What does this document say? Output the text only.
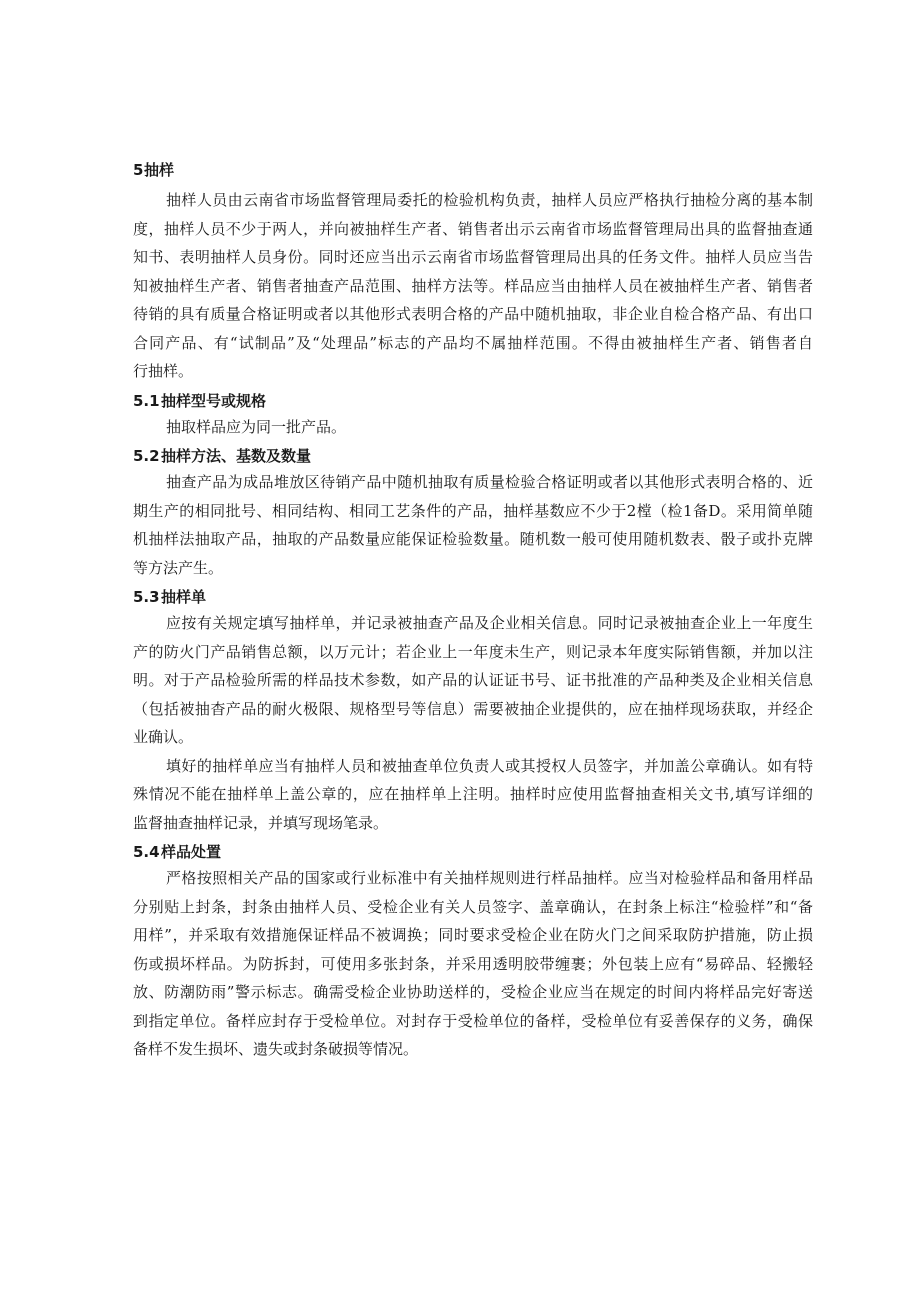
5抽样
抽样人员由云南省市场监督管理局委托的检验机构负责，抽样人员应严格执行抽检分离的基本制
度，抽样人员不少于两人，并向被抽样生产者、销售者出示云南省市场监督管理局出具的监督抽查通
知书、表明抽样人员身份。同时还应当出示云南省市场监督管理局出具的任务文件。抽样人员应当告
知被抽样生产者、销售者抽查产品范围、抽样方法等。样品应当由抽样人员在被抽样生产者、销售者
待销的具有质量合格证明或者以其他形式表明合格的产品中随机抽取，非企业自检合格产品、有出口
合同产品、有“试制品”及“处理品”标志的产品均不属抽样范围。不得由被抽样生产者、销售者自
行抽样。
5.1抽样型号或规格
抽取样品应为同一批产品。
5.2抽样方法、基数及数量
抽查产品为成品堆放区待销产品中随机抽取有质量检验合格证明或者以其他形式表明合格的、近
期生产的相同批号、相同结构、相同工艺条件的产品，抽样基数应不少于2樘（检1备D。采用简单随
机抽样法抽取产品，抽取的产品数量应能保证检验数量。随机数一般可使用随机数表、骰子或扑克牌
等方法产生。
5.3抽样单
应按有关规定填写抽样单，并记录被抽查产品及企业相关信息。同时记录被抽查企业上一年度生
产的防火门产品销售总额，以万元计；若企业上一年度未生产，则记录本年度实际销售额，并加以注
明。对于产品检验所需的样品技术参数，如产品的认证证书号、证书批准的产品种类及企业相关信息
（包括被抽杳产品的耐火极限、规格型号等信息）需要被抽企业提供的，应在抽样现场获取，并经企
业确认。
填好的抽样单应当有抽样人员和被抽查单位负责人或其授权人员签字，并加盖公章确认。如有特
殊情况不能在抽样单上盖公章的，应在抽样单上注明。抽样时应使用监督抽查相关文书,填写详细的
监督抽查抽样记录，并填写现场笔录。
5.4样品处置
严格按照相关产品的国家或行业标准中有关抽样规则进行样品抽样。应当对检验样品和备用样品
分别贴上封条，封条由抽样人员、受检企业有关人员签字、盖章确认，在封条上标注“检验样”和“备
用样”，并采取有效措施保证样品不被调换；同时要求受检企业在防火门之间采取防护措施，防止损
伤或损坏样品。为防拆封，可使用多张封条，并采用透明胶带缠裹；外包装上应有“易碎品、轻搬轻
放、防潮防雨”警示标志。确需受检企业协助送样的，受检企业应当在规定的时间内将样品完好寄送
到指定单位。备样应封存于受检单位。对封存于受检单位的备样，受检单位有妥善保存的义务，确保
备样不发生损坏、遗失或封条破损等情况。
